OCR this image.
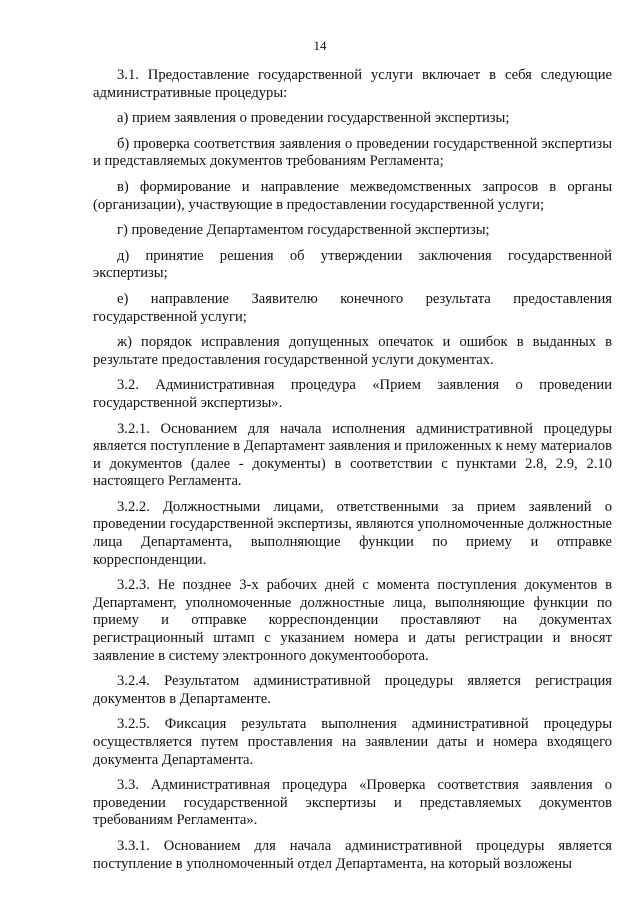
14

3.1. Предоставление государственной услуги включает в себя следующие административные процедуры:

а) прием заявления о проведении государственной экспертизы;

б) проверка соответствия заявления о проведении государственной экспертизы и представляемых документов требованиям Регламента;

в) формирование и направление межведомственных запросов в органы (организации), участвующие в предоставлении государственной услуги;

г) проведение Департаментом государственной экспертизы;

д) принятие решения об утверждении заключения государственной экспертизы;

е) направление Заявителю конечного результата предоставления государственной услуги;

ж) порядок исправления допущенных опечаток и ошибок в выданных в результате предоставления государственной услуги документах.

3.2. Административная процедура «Прием заявления о проведении государственной экспертизы».

3.2.1. Основанием для начала исполнения административной процедуры является поступление в Департамент заявления и приложенных к нему материалов и документов (далее - документы) в соответствии с пунктами 2.8, 2.9, 2.10 настоящего Регламента.

3.2.2. Должностными лицами, ответственными за прием заявлений о проведении государственной экспертизы, являются уполномоченные должностные лица Департамента, выполняющие функции по приему и отправке корреспонденции.

3.2.3. Не позднее 3-х рабочих дней с момента поступления документов в Департамент, уполномоченные должностные лица, выполняющие функции по приему и отправке корреспонденции проставляют на документах регистрационный штамп с указанием номера и даты регистрации и вносят заявление в систему электронного документооборота.

3.2.4. Результатом административной процедуры является регистрация документов в Департаменте.

3.2.5. Фиксация результата выполнения административной процедуры осуществляется путем проставления на заявлении даты и номера входящего документа Департамента.

3.3. Административная процедура «Проверка соответствия заявления о проведении государственной экспертизы и представляемых документов требованиям Регламента».

3.3.1. Основанием для начала административной процедуры является поступление в уполномоченный отдел Департамента, на который возложены
